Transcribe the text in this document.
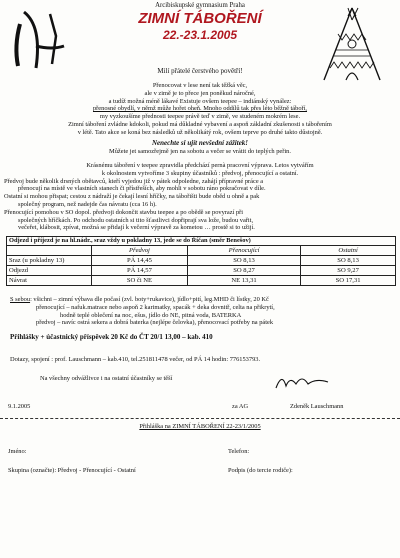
Arcibiskupské gymnasium Praha
ZIMNÍ TÁBOŘENÍ
22.-23.1.2005
Milí přátelé čerstvého povětří!
Přenocovat v lese není tak těžká věc,
ale v zimě je to přece jen poněkud náročné,
a tudíž možná méně lákavé Existuje ovšem teepee – indiánský vynález:
přenosné obydlí, v němž může hořet oheň. Mnoho oddílů tak přes léto běžně táboří,
my vyzkoušíme přednosti teepee právě teď v zimě, ve studeném mokrém lese.
Zimní táboření zvládne kdokoli, pokud má důkladné vybavení a aspoň základní zkušenosti s tábořením
v létě. Tato akce se koná bez následků už několikátý rok, ovšem teprve po druhé takto důstojně.
Nenechte si ujít nevšední zážitek!
Můžete jet samozřejmě jen na sobotu a večer se vrátit do teplých peřin.
Krásnému táboření v teepee zpravidla předchází pernà pracovní výprava. Letos vytvářím
k okolnostem vytvoříme 3 skupiny účastníků : předvoj, přenocující a ostatní.
Předvoj bude několik drsných obětavců, kteří vyjedou již v pátek odpoledne, zahájí přípravné práce a
přenocují na místě ve vlastních stanech či přístřeších, aby mohli v sobotu ráno pokračovat v díle.
Ostatní si mohou přispat; cestou z nádraží je čekají lesní hříčky, na tábořišti bude oběd u ohně a pak
společný program, než nadejde čas návratu (cca 16 h).
Přenocující pomohou v SO dopol. předvoji dokončit stavbu teepee a po obědě se povyrazí při
společných hříčkách. Po odchodu ostatních si tito šťastlivci dopřiprají sva lože, budou vařit,
večeřet, klábosit, zpívat, možná se přidají k večerní výpravě za kometou … prostě si to užijí.
Odjezd i příjezd je na hl.nádr., sraz vždy u pokladny 13, jede se do Říčan (směr Benešov)
	Předvoj	Přenocující	Ostatní
Sraz (u pokladny 13)	PÁ 14,45	SO 8,13	SO 8,13
Odjezd	PÁ 14,57	SO 8,27	SO 9,27
Návrat	SO či NE	NE 13,31	SO 17,31
S sebou: všichni – zimní výbava dle počasí (zvl. boty+rukavice), jídlo+pití, leg.MHD či lístky, 20 Kč
přenocující – nafuk.matrace nebo aspoň 2 karimatky, spacák + deka dovnitř, celta na přikrytí,
hodně teplé oblečení na noc, ešus, jídlo do NE, pitná voda, BATERKA
předvoj – navíc ostrá sekera a dobrá baterka (nejlépe čelovka), přenocovací potřeby na pátek
Přihlášky + účastnický příspěvek 20 Kč do ČT 20/1 13,00 – kab. 410
Dotazy, spojení : prof. Lauschmann – kab.410, tel.251811478 večer, od PÁ 14 hodin: 776153793.
Na všechny odvážlivce i na ostatní účastníky se těší
9.1.2005	za AG	Zdeněk Lauschmann
Přihláška na ZIMNÍ TÁBOŘENÍ 22-23/1/2005
Jméno:	Telefon:
Skupina (označte): Předvoj - Přenocující - Ostatní	Podpis (do tercie rodiče):
